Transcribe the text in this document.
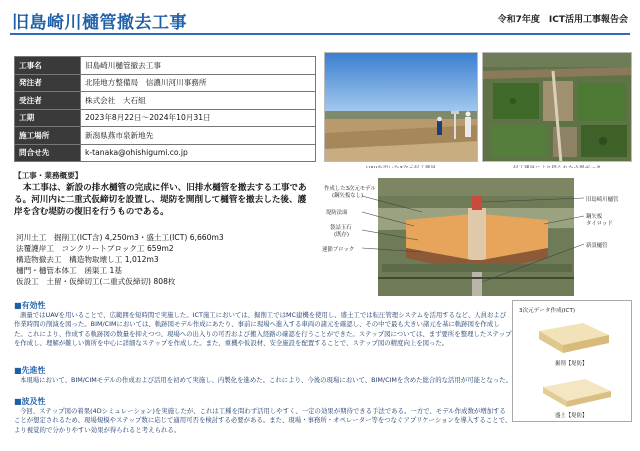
旧島崎川樋管撤去工事	令和7年度　ICT活用工事報告会
工事名	旧島崎川樋管撤去工事
発注者	北陸地方整備局　信濃川河川事務所
受注者	株式会社　大石組
工期	2023年8月22日～2024年10月31日
施工場所	新潟県燕市泉新地先
問合せ先	k-tanaka@ohishigumi.co.jp
【工事・業務概要】
本工事は、新設の排水樋管の完成に伴い、旧排水樋管を撤去する工事である。河川内に二重式仮締切を設置し、堤防を開削して樋管を撤去した後、護岸を含む堤防の復旧を行うものである。
河川土工　掘削工(ICT含) 4,250m3・盛土工(ICT) 6,660m3
法覆護岸工　コンクリートブロック工 659m2
構造物撤去工　構造物取壊し工 1,012m3
樋門・樋管本体工　函渠工 1基
仮設工　土留・仮締切工(二重式仮締切) 808枚
作成した3次元モデル
(鋼矢板なし)
堤防法面
袋詰玉石
(既存)
連節ブロック
旧島崎川樋管
鋼矢板
タイロッド
新設樋管
3次元データ作成(ICT)
掘削【堤防】
盛土【堤防】
■有効性
測量ではUAVを用いることで、広範囲を短時間で実施した。ICT施工においては、掘削工ではMC建機を使用し、盛土工では転圧管理システムを活用するなど、人員および作業時間の削減を図った。BIM/CIMにおいては、軌跡図モデル作成にあたり、事前に現場へ進入する車両の諸元を確認し、その中で最も大きい諸元を基に軌跡図を作成した。これにより、作成する軌跡図の数量を抑えつつ、現場への出入りの可否および搬入経路の確認を行うことができた。ステップ図については、まず要所を整理したステップを作成し、理解が難しい箇所を中心に詳細なステップを作成した。また、重機や仮設材、安全施設を配置することで、ステップ図の精度向上を図った。
■先進性
本現場において、BIM/CIMモデルの作成および活用を初めて実施し、内製化を進めた。これにより、今後の現場において、BIM/CIMを含めた総合的な活用が可能となった。
■波及性
今回、ステップ図の着果(4Dシミュレーション)を実施したが、これは工種を問わず活用しやすく、一定の効果が期待できる手法である。一方で、モデル作成数が増加することが想定されるため、現場規模やステップ数に応じて適用可否を検討する必要がある。また、現場・事務所・オペレーター等をつなぐアプリケーションを導入することで、より視覚的で分かりやすい効果が得られると考えられる。
